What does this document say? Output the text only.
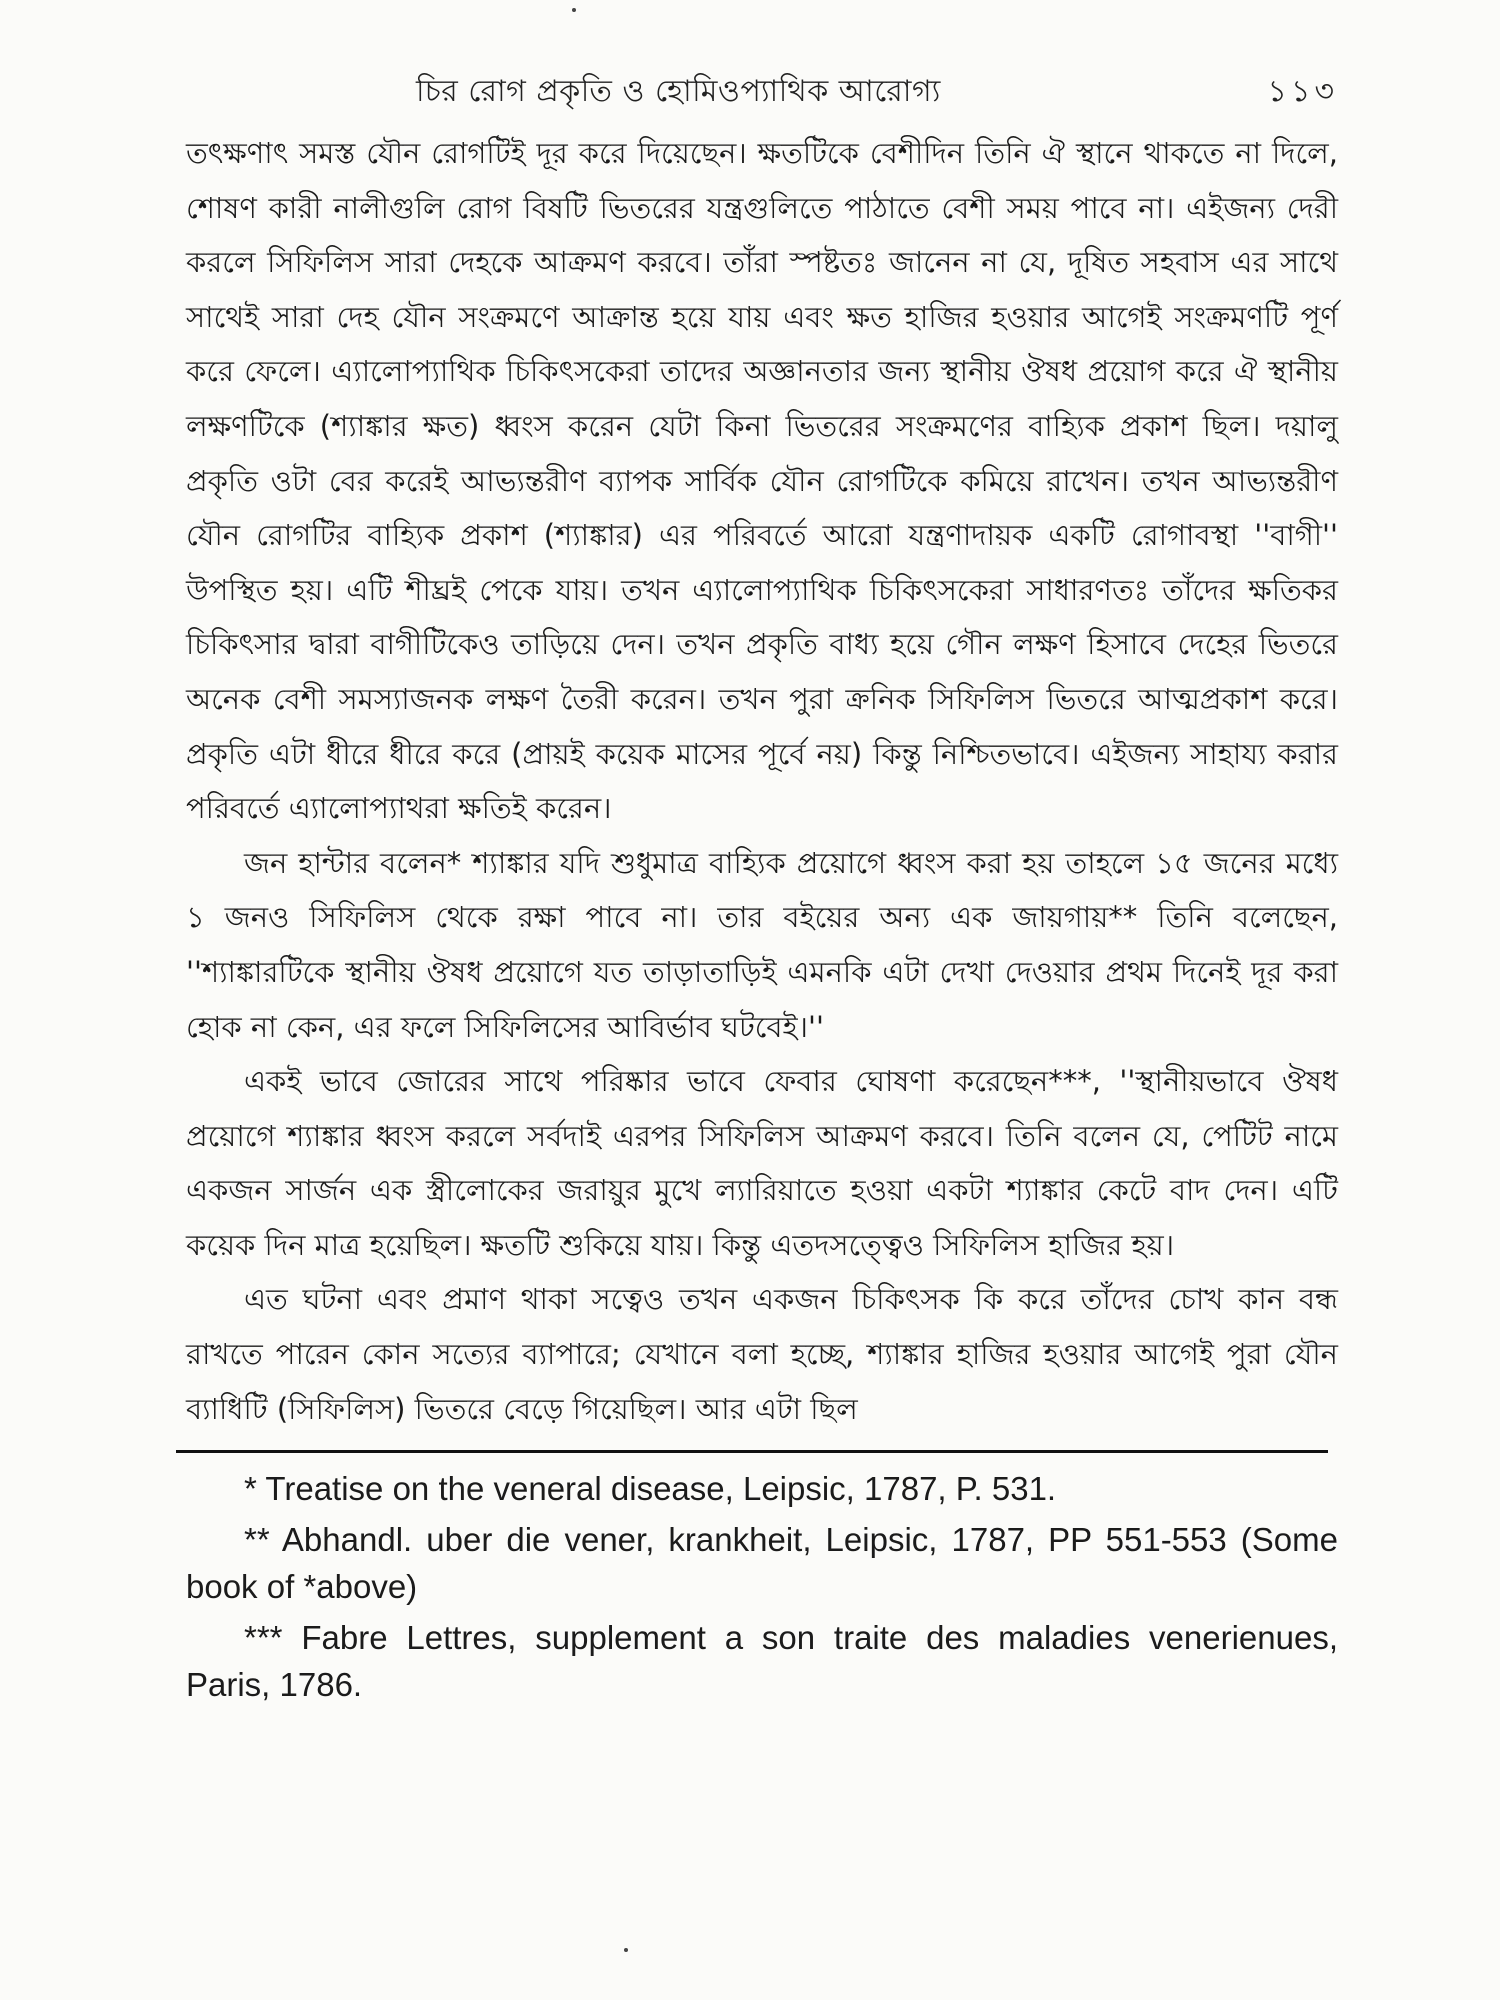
চির রোগ প্রকৃতি ও হোমিওপ্যাথিক আরোগ্য	১১৩

তৎক্ষণাৎ সমস্ত যৌন রোগটিই দূর করে দিয়েছেন। ক্ষতটিকে বেশীদিন তিনি ঐ স্থানে থাকতে না দিলে, শোষণ কারী নালীগুলি রোগ বিষটি ভিতরের যন্ত্রগুলিতে পাঠাতে বেশী সময় পাবে না। এইজন্য দেরী করলে সিফিলিস সারা দেহকে আক্রমণ করবে। তাঁরা স্পষ্টতঃ জানেন না যে, দূষিত সহবাস এর সাথে সাথেই সারা দেহ যৌন সংক্রমণে আক্রান্ত হয়ে যায় এবং ক্ষত হাজির হওয়ার আগেই সংক্রমণটি পূর্ণ করে ফেলে। এ্যালোপ্যাথিক চিকিৎসকেরা তাদের অজ্ঞানতার জন্য স্থানীয় ঔষধ প্রয়োগ করে ঐ স্থানীয় লক্ষণটিকে (শ্যাঙ্কার ক্ষত) ধ্বংস করেন যেটা কিনা ভিতরের সংক্রমণের বাহ্যিক প্রকাশ ছিল। দয়ালু প্রকৃতি ওটা বের করেই আভ্যন্তরীণ ব্যাপক সার্বিক যৌন রোগটিকে কমিয়ে রাখেন। তখন আভ্যন্তরীণ যৌন রোগটির বাহ্যিক প্রকাশ (শ্যাঙ্কার) এর পরিবর্তে আরো যন্ত্রণাদায়ক একটি রোগাবস্থা ''বাগী'' উপস্থিত হয়। এটি শীঘ্রই পেকে যায়। তখন এ্যালোপ্যাথিক চিকিৎসকেরা সাধারণতঃ তাঁদের ক্ষতিকর চিকিৎসার দ্বারা বাগীটিকেও তাড়িয়ে দেন। তখন প্রকৃতি বাধ্য হয়ে গৌন লক্ষণ হিসাবে দেহের ভিতরে অনেক বেশী সমস্যাজনক লক্ষণ তৈরী করেন। তখন পুরা ক্রনিক সিফিলিস ভিতরে আত্মপ্রকাশ করে। প্রকৃতি এটা ধীরে ধীরে করে (প্রায়ই কয়েক মাসের পূর্বে নয়) কিন্তু নিশ্চিতভাবে। এইজন্য সাহায্য করার পরিবর্তে এ্যালোপ্যাথরা ক্ষতিই করেন।

জন হান্টার বলেন* শ্যাঙ্কার যদি শুধুমাত্র বাহ্যিক প্রয়োগে ধ্বংস করা হয় তাহলে ১৫ জনের মধ্যে ১ জনও সিফিলিস থেকে রক্ষা পাবে না। তার বইয়ের অন্য এক জায়গায়** তিনি বলেছেন, ''শ্যাঙ্কারটিকে স্থানীয় ঔষধ প্রয়োগে যত তাড়াতাড়িই এমনকি এটা দেখা দেওয়ার প্রথম দিনেই দূর করা হোক না কেন, এর ফলে সিফিলিসের আবির্ভাব ঘটবেই।''

একই ভাবে জোরের সাথে পরিষ্কার ভাবে ফেবার ঘোষণা করেছেন***, ''স্থানীয়ভাবে ঔষধ প্রয়োগে শ্যাঙ্কার ধ্বংস করলে সর্বদাই এরপর সিফিলিস আক্রমণ করবে। তিনি বলেন যে, পেটিট নামে একজন সার্জন এক স্ত্রীলোকের জরায়ুর মুখে ল্যারিয়াতে হওয়া একটা শ্যাঙ্কার কেটে বাদ দেন। এটি কয়েক দিন মাত্র হয়েছিল। ক্ষতটি শুকিয়ে যায়। কিন্তু এতদসত্ত্বেও সিফিলিস হাজির হয়।

এত ঘটনা এবং প্রমাণ থাকা সত্বেও তখন একজন চিকিৎসক কি করে তাঁদের চোখ কান বন্ধ রাখতে পারেন কোন সত্যের ব্যাপারে; যেখানে বলা হচ্ছে, শ্যাঙ্কার হাজির হওয়ার আগেই পুরা যৌন ব্যাধিটি (সিফিলিস) ভিতরে বেড়ে গিয়েছিল। আর এটা ছিল

* Treatise on the veneral disease, Leipsic, 1787, P. 531.

** Abhandl. uber die vener, krankheit, Leipsic, 1787, PP 551-553 (Some book of *above)

*** Fabre Lettres, supplement a son traite des maladies venerienues, Paris, 1786.
